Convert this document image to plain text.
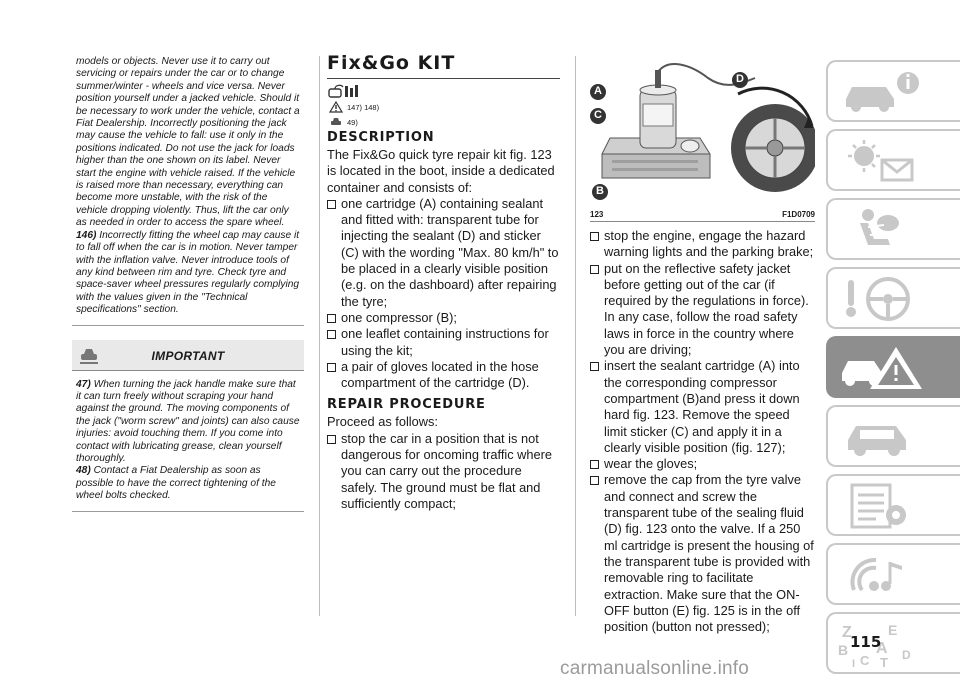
models or objects. Never use it to carry out servicing or repairs under the car or to change summer/winter - wheels and vice versa. Never position yourself under a jacked vehicle. Should it be necessary to work under the vehicle, contact a Fiat Dealership. Incorrectly positioning the jack may cause the vehicle to fall: use it only in the positions indicated. Do not use the jack for loads higher than the one shown on its label. Never start the engine with vehicle raised. If the vehicle is raised more than necessary, everything can become more unstable, with the risk of the vehicle dropping violently. Thus, lift the car only as needed in order to access the spare wheel.

146) Incorrectly fitting the wheel cap may cause it to fall off when the car is in motion. Never tamper with the inflation valve. Never introduce tools of any kind between rim and tyre. Check tyre and space-saver wheel pressures regularly complying with the values given in the "Technical specifications" section.

IMPORTANT

47) When turning the jack handle make sure that it can turn freely without scraping your hand against the ground. The moving components of the jack ("worm screw" and joints) can also cause injuries: avoid touching them. If you come into contact with lubricating grease, clean yourself thoroughly.

48) Contact a Fiat Dealership as soon as possible to have the correct tightening of the wheel bolts checked.

Fix&Go KIT
147) 148)
49)
DESCRIPTION

The Fix&Go quick tyre repair kit fig. 123 is located in the boot, inside a dedicated container and consists of:

one cartridge (A) containing sealant and fitted with: transparent tube for injecting the sealant (D) and sticker (C) with the wording "Max. 80 km/h" to be placed in a clearly visible position (e.g. on the dashboard) after repairing the tyre;
one compressor (B);
one leaflet containing instructions for using the kit;
a pair of gloves located in the hose compartment of the cartridge (D).
REPAIR PROCEDURE

Proceed as follows:

stop the car in a position that is not dangerous for oncoming traffic where you can carry out the procedure safely. The ground must be flat and sufficiently compact;
A
C
B
D
123	F1D0709
stop the engine, engage the hazard warning lights and the parking brake;
put on the reflective safety jacket before getting out of the car (if required by the regulations in force). In any case, follow the road safety laws in force in the country where you are driving;
insert the sealant cartridge (A) into the corresponding compressor compartment (B)and press it down hard fig. 123. Remove the speed limit sticker (C) and apply it in a clearly visible position (fig. 127);
wear the gloves;
remove the cap from the tyre valve and connect and screw the transparent tube of the sealing fluid (D) fig. 123 onto the valve. If a 250 ml cartridge is present the housing of the transparent tube is provided with removable ring to facilitate extraction. Make sure that the ON-OFF button (E) fig. 125 is in the off position (button not pressed);	Z	E
B A
C T D
I
115
carmanualsonline.info
